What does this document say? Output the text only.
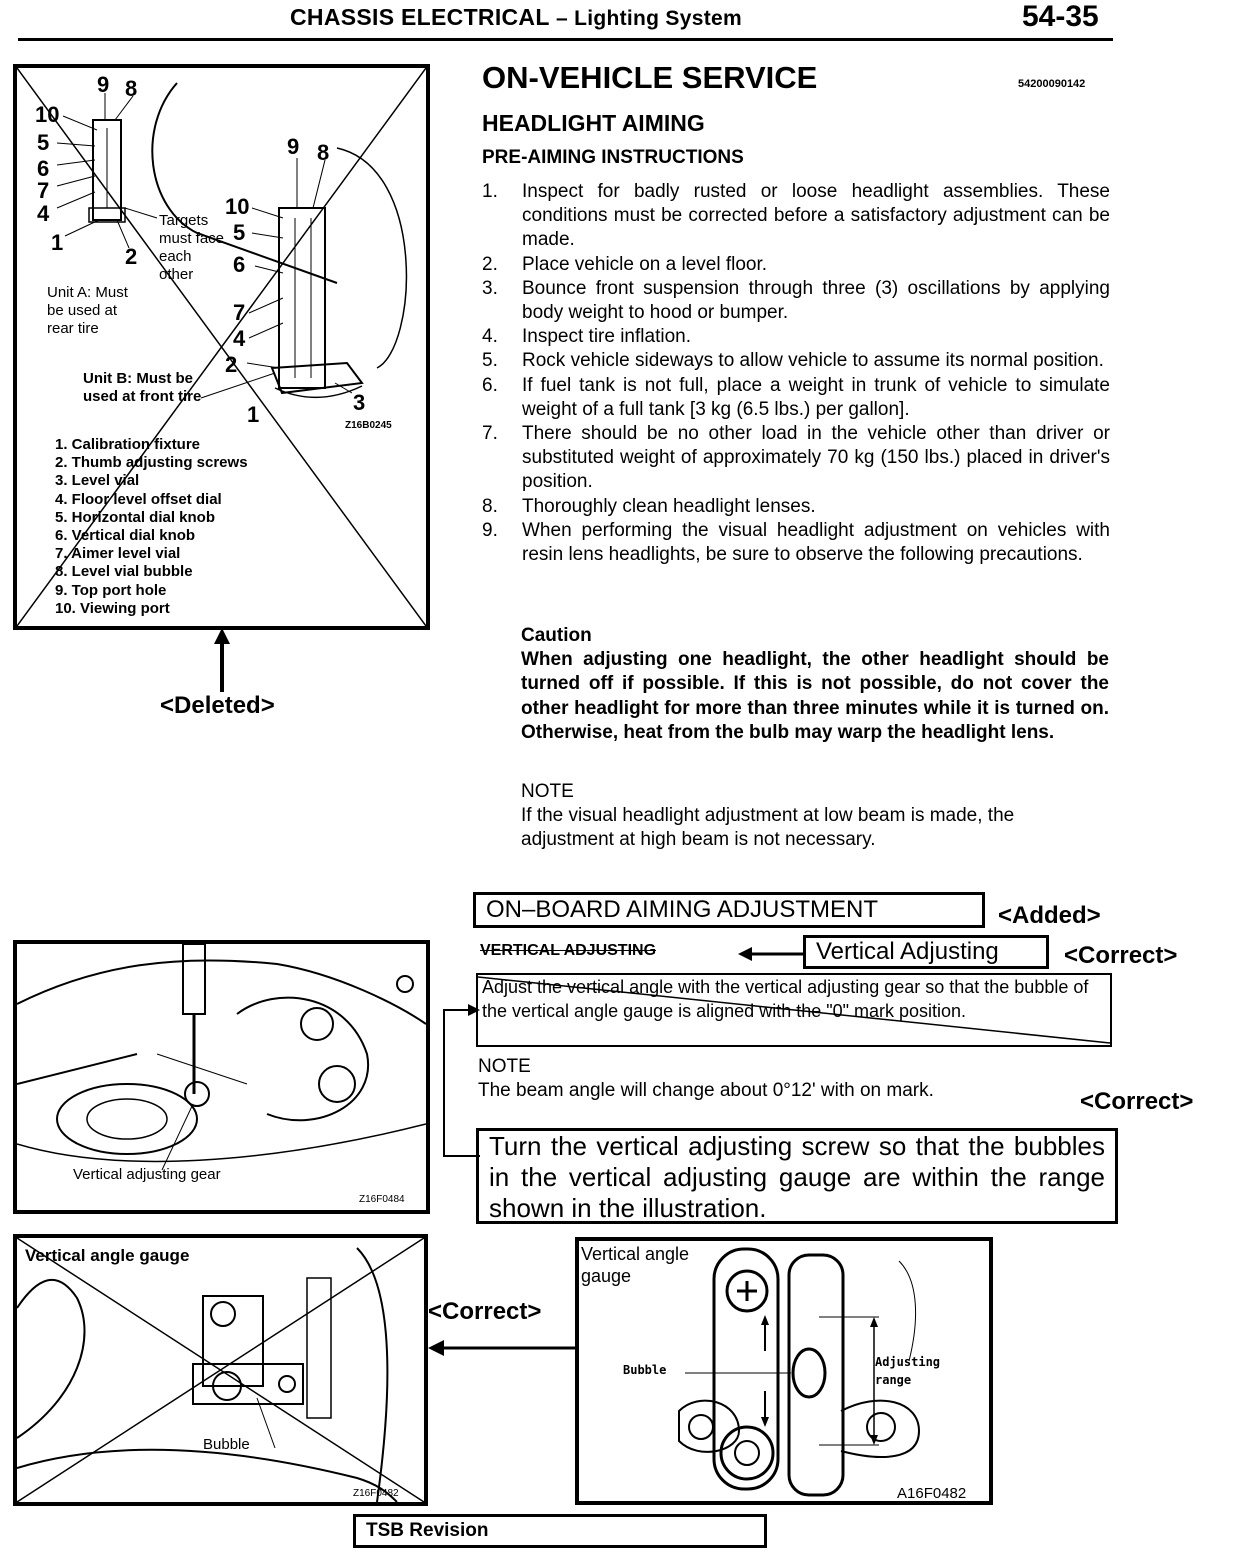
CHASSIS ELECTRICAL – Lighting System	54-35
ON-VEHICLE SERVICE	54200090142
HEADLIGHT AIMING
PRE-AIMING INSTRUCTIONS
1.	Inspect for badly rusted or loose headlight assemblies. These conditions must be corrected before a satisfactory adjustment can be made.
2.	Place vehicle on a level floor.
3.	Bounce front suspension through three (3) oscillations by applying body weight to hood or bumper.
4.	Inspect tire inflation.
5.	Rock vehicle sideways to allow vehicle to assume its normal position.
6.	If fuel tank is not full, place a weight in trunk of vehicle to simulate weight of a full tank [3 kg (6.5 lbs.) per gallon].
7.	There should be no other load in the vehicle other than driver or substituted weight of approximately 70 kg (150 lbs.) placed in driver's position.
8.	Thoroughly clean headlight lenses.
9.	When performing the visual headlight adjustment on vehicles with resin lens headlights, be sure to observe the following precautions.
Caution
When adjusting one headlight, the other headlight should be turned off if possible. If this is not possible, do not cover the other headlight for more than three minutes while it is turned on. Otherwise, heat from the bulb may warp the headlight lens.
NOTE
If the visual headlight adjustment at low beam is made, the adjustment at high beam is not necessary.
9 8
10
5
6
7
4
1
2
9 8
10
5
6
7
4
2
3
1
Targets must face each other
Unit A: Must be used at rear tire
Unit B: Must be used at front tire
Z16B0245
1. Calibration fixture
2. Thumb adjusting screws
3. Level vial
4. Floor level offset dial
5. Horizontal dial knob
6. Vertical dial knob
7. Aimer level vial
8. Level vial bubble
9. Top port hole
10. Viewing port
<Deleted>
ON–BOARD AIMING ADJUSTMENT	<Added>
VERTICAL ADJUSTING	Vertical Adjusting	<Correct>
Adjust the vertical angle with the vertical adjusting gear so that the bubble of the vertical angle gauge is aligned with the "0" mark position.
NOTE
The beam angle will change about 0°12' with on mark.	<Correct>
Turn the vertical adjusting screw so that the bubbles in the vertical adjusting gauge are within the range shown in the illustration.
Vertical adjusting gear
Z16F0484
Vertical angle gauge
Bubble
Z16F0482
<Correct>
Vertical angle gauge
Bubble
Adjusting range
A16F0482
TSB Revision
